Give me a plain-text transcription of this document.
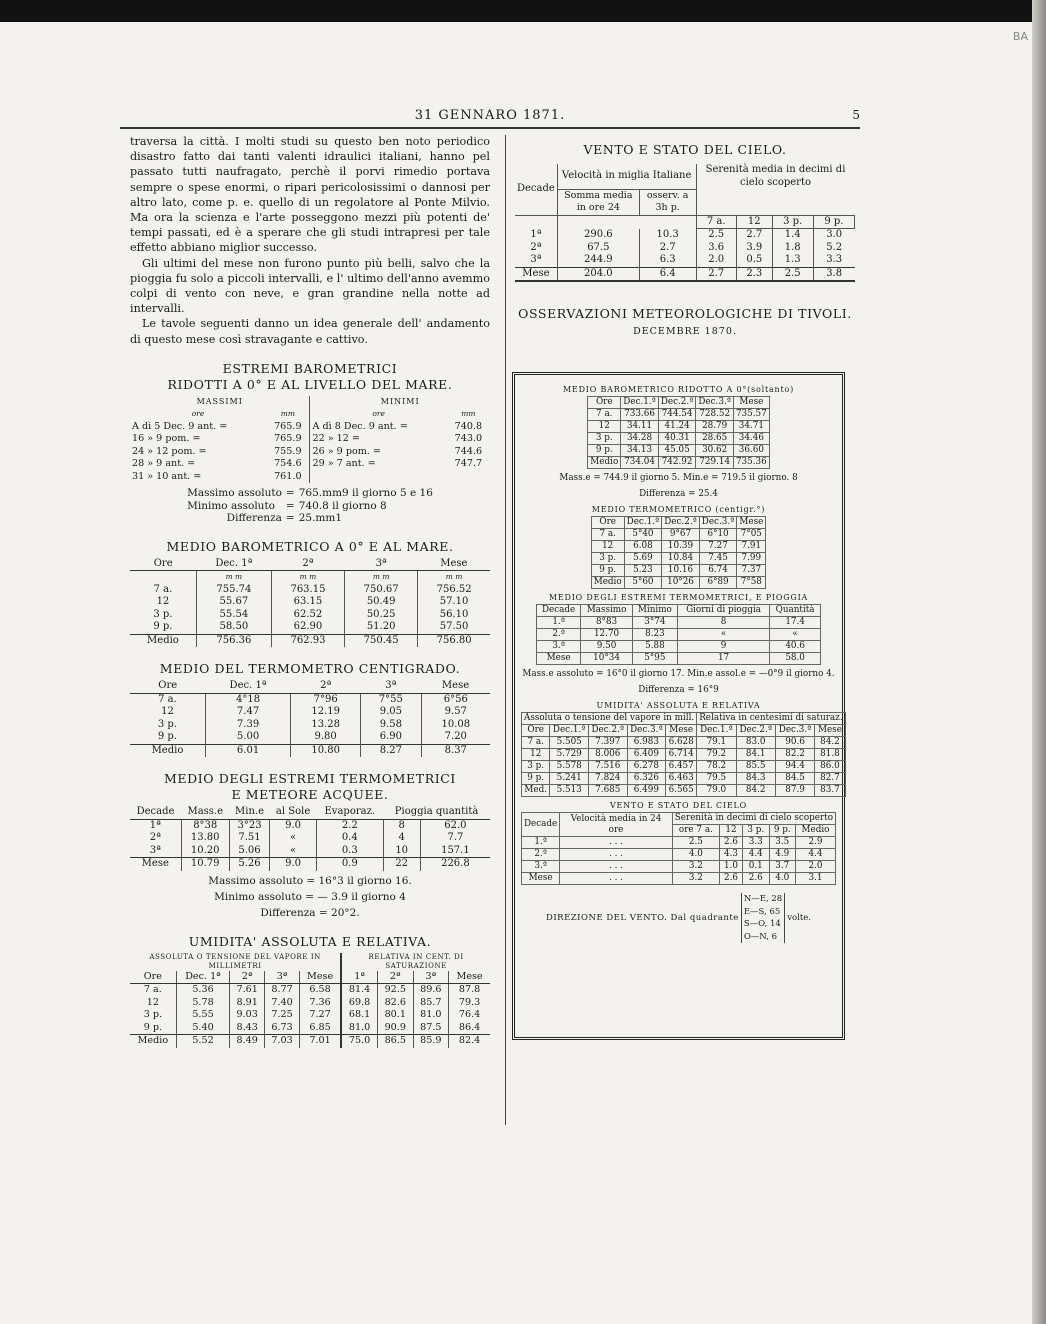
BA
31 GENNARO 1871.	5

traversa la città. I molti studi su questo ben noto periodico disastro fatto dai tanti valenti idraulici italiani, hanno pel passato tutti naufragato, perchè il porvi rimedio portava sempre o spese enormi, o ripari pericolosissimi o dannosi per altro lato, come p. e. quello di un regolatore al Ponte Milvio. Ma ora la scienza e l'arte posseggono mezzi più potenti de' tempi passati, ed è a sperare che gli studi intrapresi per tale effetto abbiano miglior successo.

Gli ultimi del mese non furono punto più belli, salvo che la pioggia fu solo a piccoli intervalli, e l' ultimo dell'anno avemmo colpi di vento con neve, e gran grandine nella notte ad intervalli.

Le tavole seguenti danno un idea generale dell' andamento di questo mese così stravagante e cattivo.

ESTREMI BAROMETRICI
RIDOTTI A 0° E AL LIVELLO DEL MARE.
MASSIMI		MINIMI	
ore	mm	ore	mm
A dì 5 Dec. 9 ant. =	765.9	A dì 8 Dec. 9 ant. =	740.8
16 » 9 pom. =	765.9	22 » 12 =	743.0
24 » 12 pom. =	755.9	26 » 9 pom. =	744.6
28 » 9 ant. =	754.6	29 » 7 ant. =	747.7
31 » 10 ant. =	761.0		
Massimo assoluto	=	765.mm9 il giorno 5 e 16
Minimo assoluto	=	740.8 il giorno 8
Differenza	=	25.mm1
MEDIO BAROMETRICO A 0° E AL MARE.
Ore	Dec. 1ª	2ª	3ª	Mese
	m m	m m	m m	m m
7 a.	755.74	763.15	750.67	756.52
12	55.67	63.15	50.49	57.10
3 p.	55.54	62.52	50.25	56.10
9 p.	58.50	62.90	51.20	57.50
Medio	756.36	762.93	750.45	756.80
MEDIO DEL TERMOMETRO CENTIGRADO.
Ore	Dec. 1ª	2ª	3ª	Mese
7 a.	4°18	7°96	7°55	6°56
12	7.47	12.19	9.05	9.57
3 p.	7.39	13.28	9.58	10.08
9 p.	5.00	9.80	6.90	7.20
Medio	6.01	10.80	8.27	8.37
MEDIO DEGLI ESTREMI TERMOMETRICI
E METEORE ACQUEE.
Decade	Mass.e	Min.e	al Sole	Evaporaz.	Pioggia quantità	
1ª	8°38	3°23	9.0	2.2	8	62.0
2ª	13.80	7.51	«	0.4	4	7.7
3ª	10.20	5.06	«	0.3	10	157.1
Mese	10.79	5.26	9.0	0.9	22	226.8
Massimo assoluto = 16°3 il giorno 16.
Minimo assoluto = — 3.9 il giorno 4
Differenza = 20°2.
UMIDITA' ASSOLUTA E RELATIVA.
ASSOLUTA O TENSIONE DEL VAPORE IN MILLIMETRI					RELATIVA IN CENT. DI SATURAZIONE			
Ore	Dec. 1ª	2ª	3ª	Mese	1ª	2ª	3ª	Mese
7 a.	5.36	7.61	8.77	6.58	81.4	92.5	89.6	87.8
12	5.78	8.91	7.40	7.36	69.8	82.6	85.7	79.3
3 p.	5.55	9.03	7.25	7.27	68.1	80.1	81.0	76.4
9 p.	5.40	8.43	6.73	6.85	81.0	90.9	87.5	86.4
Medio	5.52	8.49	7.03	7.01	75.0	86.5	85.9	82.4
VENTO E STATO DEL CIELO.
Decade	Velocità in miglia Italiane		Serenità media in decimi di cielo scoperto			
	Somma media in ore 24	osserv. a 3h p.				
			7 a.	12	3 p.	9 p.
1ª	290.6	10.3	2.5	2.7	1.4	3.0
2ª	67.5	2.7	3.6	3.9	1.8	5.2
3ª	244.9	6.3	2.0	0.5	1.3	3.3
Mese	204.0	6.4	2.7	2.3	2.5	3.8
OSSERVAZIONI METEOROLOGICHE DI TIVOLI.
DECEMBRE 1870.
MEDIO BAROMETRICO RIDOTTO A 0°(soltanto)
Ore	Dec.1.ª	Dec.2.ª	Dec.3.ª	Mese
7 a.	733.66	744.54	728.52	735.57
12	34.11	41.24	28.79	34.71
3 p.	34.28	40.31	28.65	34.46
9 p.	34.13	45.05	30.62	36.60
Medio	734.04	742.92	729.14	735.36
Mass.e = 744.9 il giorno 5. Min.e = 719.5 il giorno. 8
Differenza = 25.4
MEDIO TERMOMETRICO (centigr.°)
Ore	Dec.1.ª	Dec.2.ª	Dec.3.ª	Mese
7 a.	5°40	9°67	6°10	7°05
12	6.08	10.39	7.27	7.91
3 p.	5.69	10.84	7.45	7.99
9 p.	5.23	10.16	6.74	7.37
Medio	5°60	10°26	6°89	7°58
MEDIO DEGLI ESTREMI TERMOMETRICI, E PIOGGIA
Decade	Massimo	Minimo	Giorni di pioggia	Quantità
1.ª	8°83	3°74	8	17.4
2.ª	12.70	8.23	«	«
3.ª	9.50	5.88	9	40.6
Mese	10°34	5°95	17	58.0
Mass.e assoluto = 16°0 il giorno 17. Min.e assol.e = —0°9 il giorno 4.
Differenza = 16°9
UMIDITA' ASSOLUTA E RELATIVA
Assoluta o tensione del vapore in mill.					Relativa in centesimi di saturaz.			
Ore	Dec.1.ª	Dec.2.ª	Dec.3.ª	Mese	Dec.1.ª	Dec.2.ª	Dec.3.ª	Mese
7 a.	5.505	7.397	6.983	6.628	79.1	83.0	90.6	84.2
12	5.729	8.006	6.409	6.714	79.2	84.1	82.2	81.8
3 p.	5.578	7.516	6.278	6.457	78.2	85.5	94.4	86.0
9 p.	5.241	7.824	6.326	6.463	79.5	84.3	84.5	82.7
Med.	5.513	7.685	6.499	6.565	79.0	84.2	87.9	83.7
VENTO E STATO DEL CIELO
Decade	Velocità media in 24 ore	Serenità in decimi di cielo scoperto				
		ore 7 a.	12	3 p.	9 p.	Medio
1.ª	. . .	2.5	2.6	3.3	3.5	2.9
2.ª	. . .	4.0	4.3	4.4	4.9	4.4
3.ª	. . .	3.2	1.0	0.1	3.7	2.0
Mese	. . .	3.2	2.6	2.6	4.0	3.1
DIREZIONE DEL VENTO. Dal quadrante	N—E, 28	volte.
E—S, 65
S—O, 14
O—N, 6
